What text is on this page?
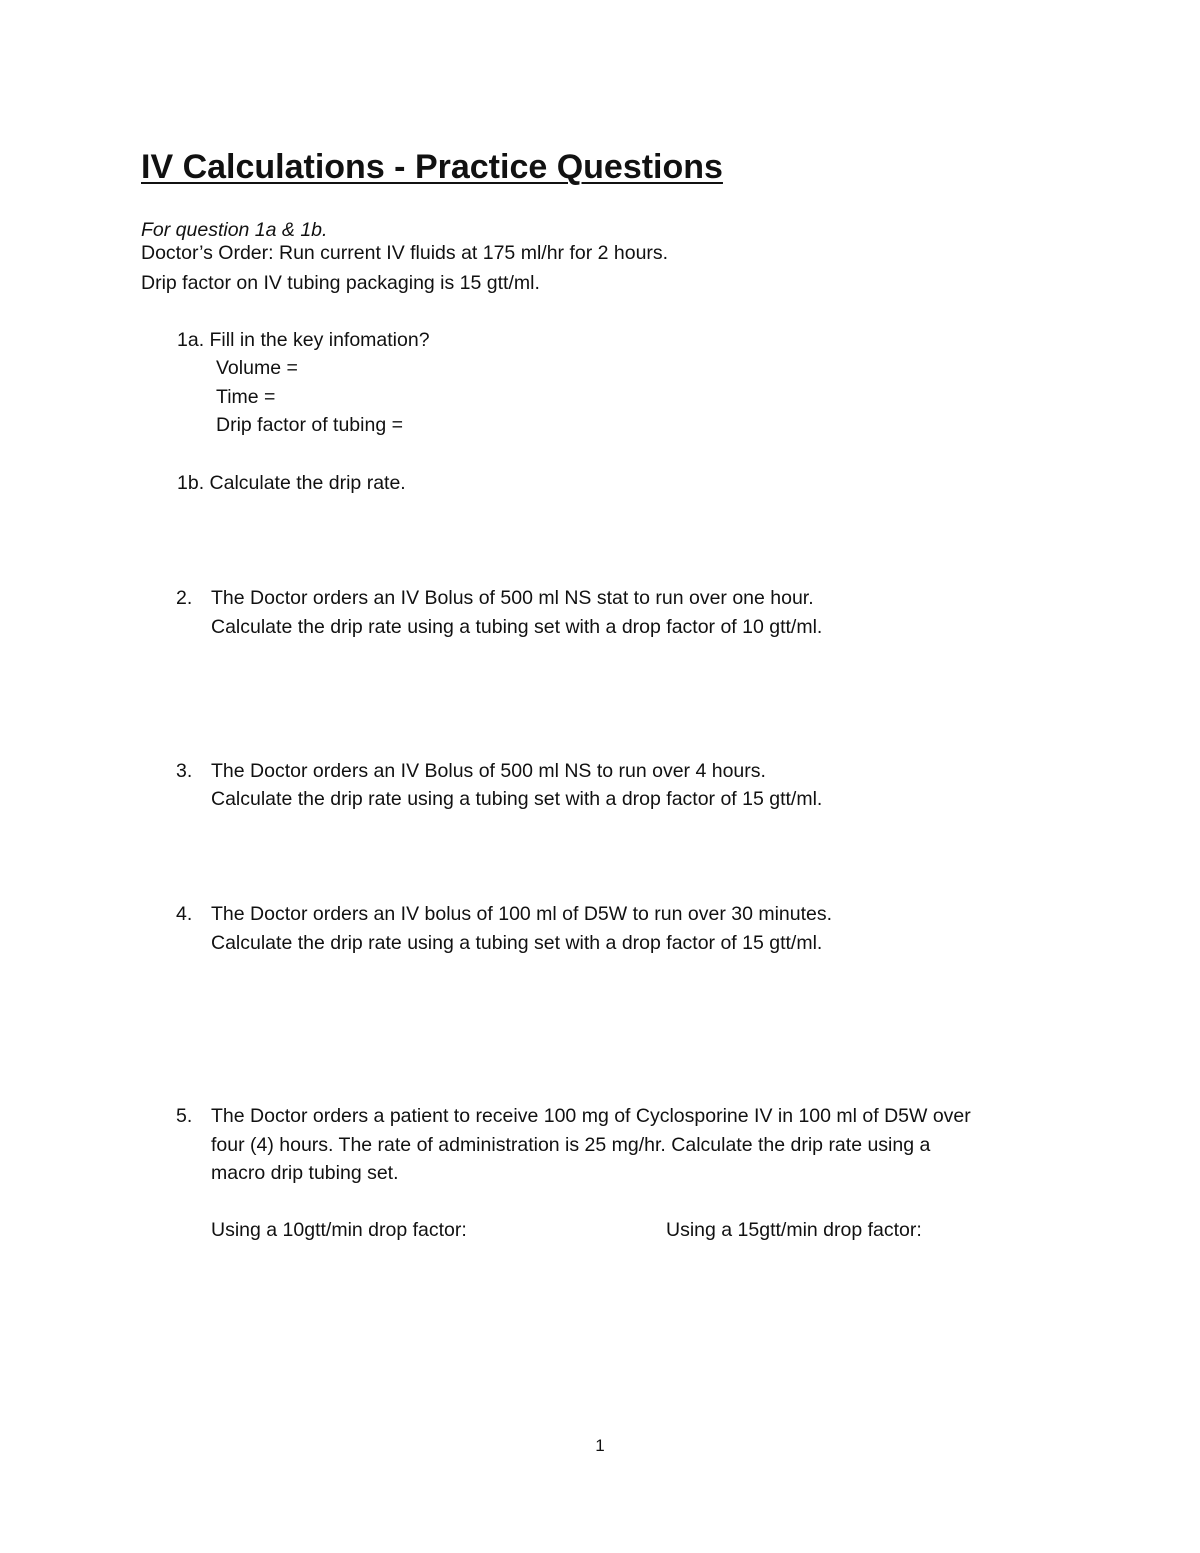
IV Calculations - Practice Questions
For question 1a & 1b.
Doctor’s Order: Run current IV fluids at 175 ml/hr for 2 hours.
Drip factor on IV tubing packaging is 15 gtt/ml.
1a. Fill in the key infomation?
Volume =
Time =
Drip factor of tubing =
1b. Calculate the drip rate.
2. The Doctor orders an IV Bolus of 500 ml NS stat to run over one hour.
Calculate the drip rate using a tubing set with a drop factor of 10 gtt/ml.
3. The Doctor orders an IV Bolus of 500 ml NS to run over 4 hours.
Calculate the drip rate using a tubing set with a drop factor of 15 gtt/ml.
4. The Doctor orders an IV bolus of 100 ml of D5W to run over 30 minutes.
Calculate the drip rate using a tubing set with a drop factor of 15 gtt/ml.
5. The Doctor orders a patient to receive 100 mg of Cyclosporine IV in 100 ml of D5W over
four (4) hours. The rate of administration is 25 mg/hr. Calculate the drip rate using a
macro drip tubing set.
Using a 10gtt/min drop factor:	Using a 15gtt/min drop factor:
1
